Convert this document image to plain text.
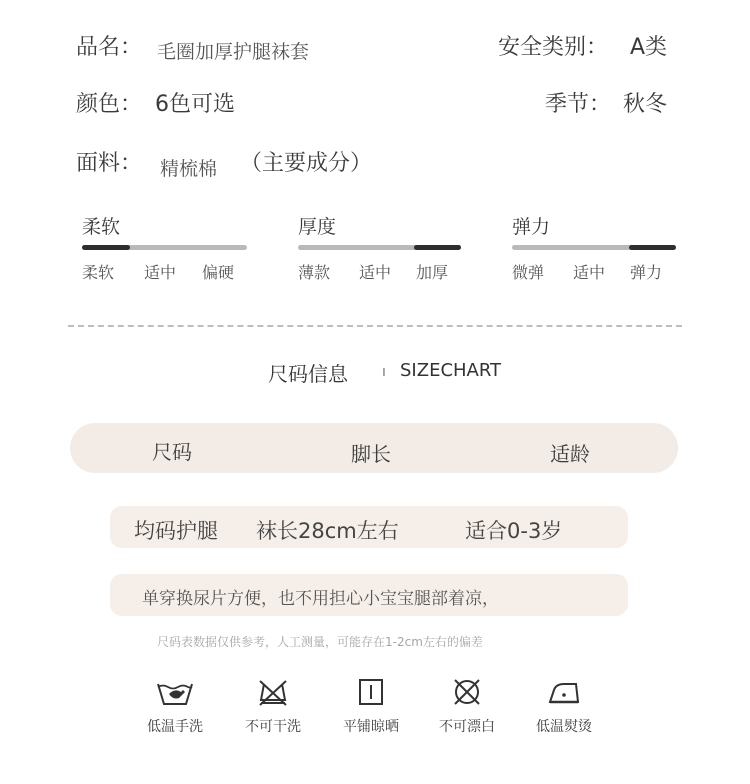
品名： 毛圈加厚护腿袜套	安全类别： A类
颜色： 6色可选	季节： 秋冬
面料： 精梳棉 （主要成分）
柔软
柔软 适中 偏硬
厚度
薄款 适中 加厚
弹力
微弹 适中 弹力
尺码信息 ı SIZECHART
尺码	脚长	适龄
均码护腿 袜长28cm左右	适合0-3岁
单穿换尿片方便，也不用担心小宝宝腿部着凉，
尺码表数据仅供参考，人工测量，可能存在1-2cm左右的偏差
低温手洗	不可干洗	平铺晾晒	不可漂白	低温熨烫
